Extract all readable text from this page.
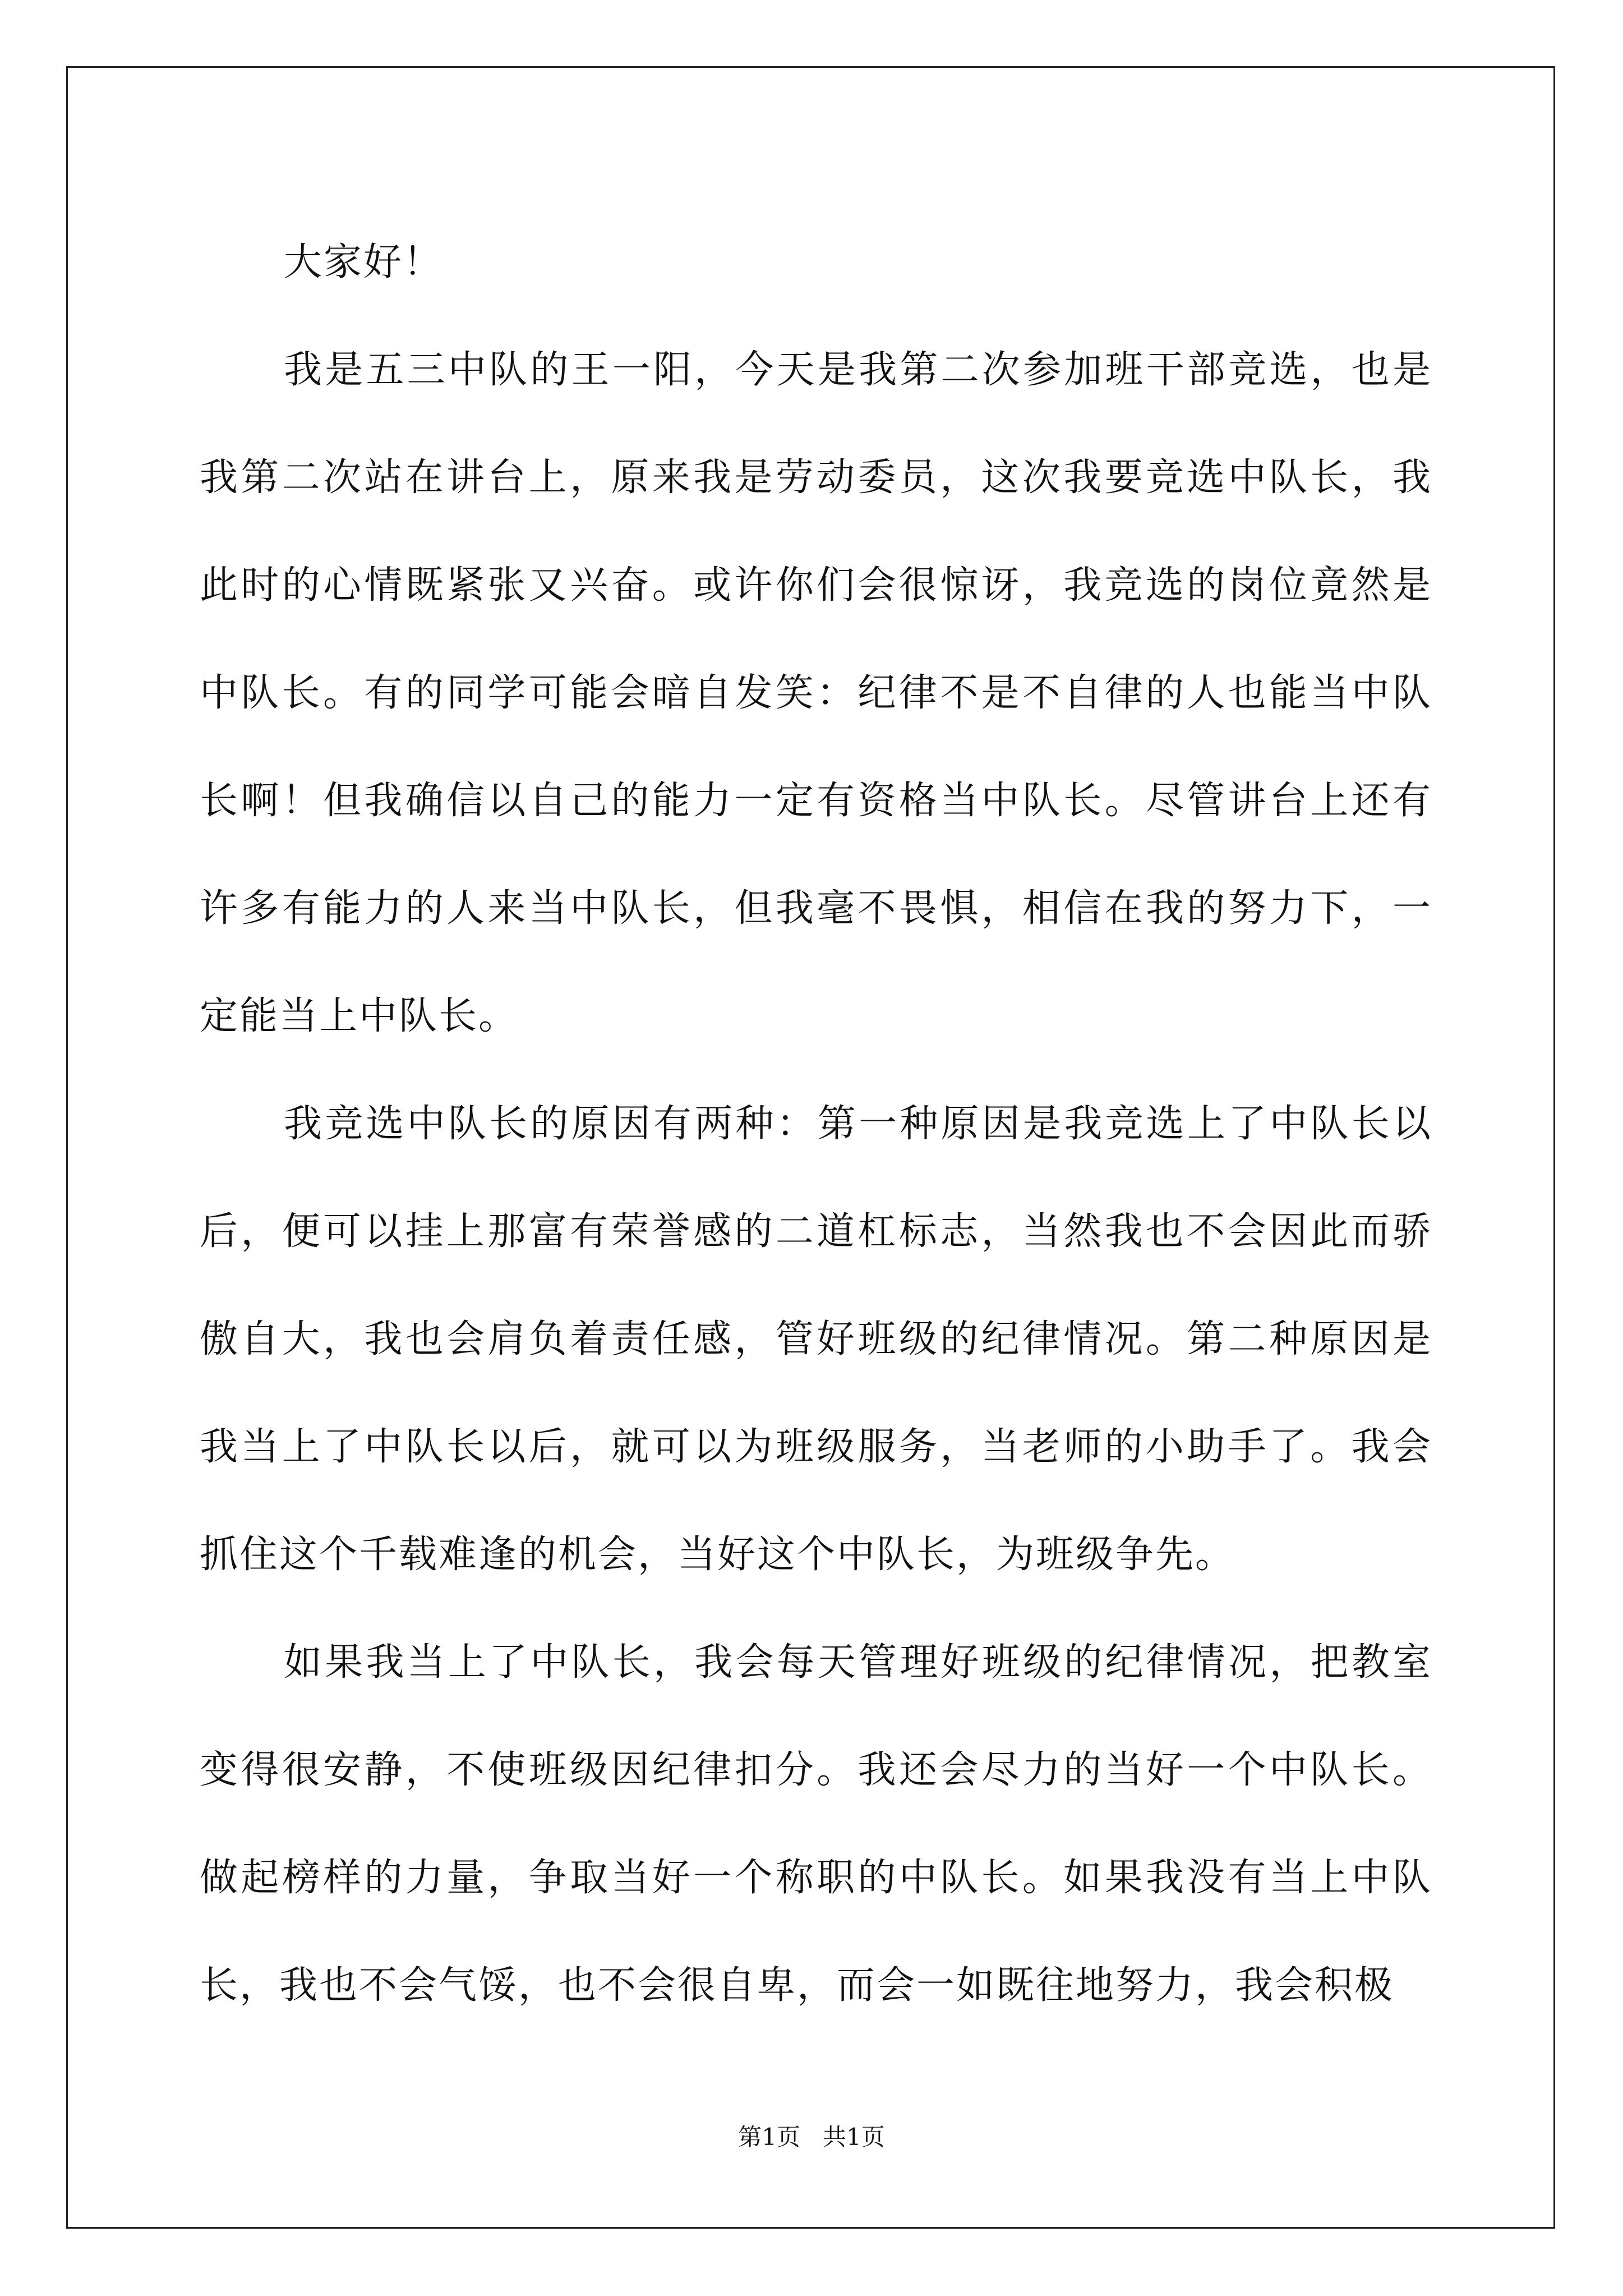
大家好！

我是五三中队的王一阳，今天是我第二次参加班干部竞选，也是我第二次站在讲台上，原来我是劳动委员，这次我要竞选中队长，我此时的心情既紧张又兴奋。或许你们会很惊讶，我竞选的岗位竟然是中队长。有的同学可能会暗自发笑：纪律不是不自律的人也能当中队长啊！但我确信以自己的能力一定有资格当中队长。尽管讲台上还有许多有能力的人来当中队长，但我毫不畏惧，相信在我的努力下，一定能当上中队长。

我竞选中队长的原因有两种：第一种原因是我竞选上了中队长以后，便可以挂上那富有荣誉感的二道杠标志，当然我也不会因此而骄傲自大，我也会肩负着责任感，管好班级的纪律情况。第二种原因是我当上了中队长以后，就可以为班级服务，当老师的小助手了。我会抓住这个千载难逢的机会，当好这个中队长，为班级争先。

如果我当上了中队长，我会每天管理好班级的纪律情况，把教室变得很安静，不使班级因纪律扣分。我还会尽力的当好一个中队长。做起榜样的力量，争取当好一个称职的中队长。如果我没有当上中队长，我也不会气馁，也不会很自卑，而会一如既往地努力，我会积极

第1页 共1页
